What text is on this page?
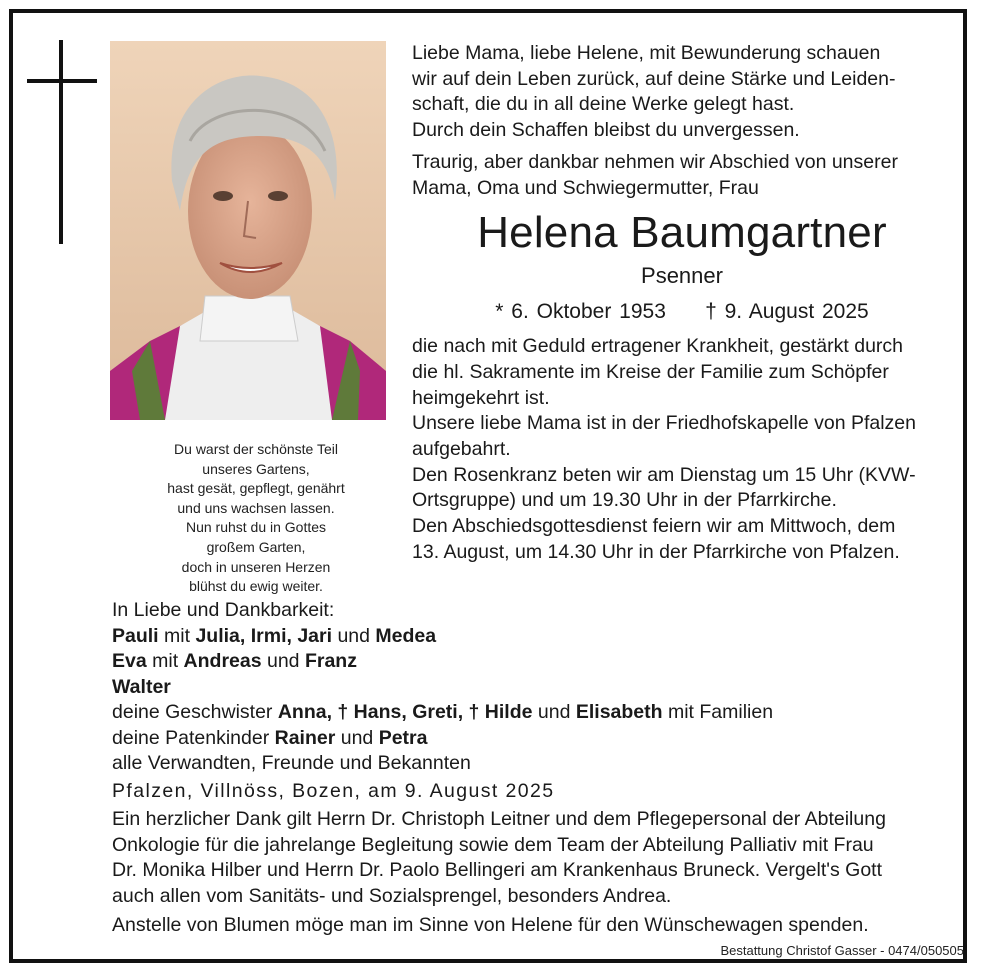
Du warst der schönste Teil
unseres Gartens,
hast gesät, gepflegt, genährt
und uns wachsen lassen.
Nun ruhst du in Gottes
großem Garten,
doch in unseren Herzen
blühst du ewig weiter.
Liebe Mama, liebe Helene, mit Bewunderung schauen
wir auf dein Leben zurück, auf deine Stärke und Leiden-
schaft, die du in all deine Werke gelegt hast.
Durch dein Schaffen bleibst du unvergessen.
Traurig, aber dankbar nehmen wir Abschied von unserer
Mama, Oma und Schwiegermutter, Frau
Helena Baumgartner
Psenner
* 6. Oktober 1953 † 9. August 2025
die nach mit Geduld ertragener Krankheit, gestärkt durch
die hl. Sakramente im Kreise der Familie zum Schöpfer
heimgekehrt ist.
Unsere liebe Mama ist in der Friedhofskapelle von Pfalzen
aufgebahrt.
Den Rosenkranz beten wir am Dienstag um 15 Uhr (KVW-
Ortsgruppe) und um 19.30 Uhr in der Pfarrkirche.
Den Abschiedsgottesdienst feiern wir am Mittwoch, dem
13. August, um 14.30 Uhr in der Pfarrkirche von Pfalzen.
In Liebe und Dankbarkeit:
Pauli mit Julia, Irmi, Jari und Medea
Eva mit Andreas und Franz
Walter
deine Geschwister Anna, † Hans, Greti, † Hilde und Elisabeth mit Familien
deine Patenkinder Rainer und Petra
alle Verwandten, Freunde und Bekannten
Pfalzen, Villnöss, Bozen, am 9. August 2025
Ein herzlicher Dank gilt Herrn Dr. Christoph Leitner und dem Pflegepersonal der Abteilung
Onkologie für die jahrelange Begleitung sowie dem Team der Abteilung Palliativ mit Frau
Dr. Monika Hilber und Herrn Dr. Paolo Bellingeri am Krankenhaus Bruneck. Vergelt's Gott
auch allen vom Sanitäts- und Sozialsprengel, besonders Andrea.
Anstelle von Blumen möge man im Sinne von Helene für den Wünschewagen spenden.
Bestattung Christof Gasser - 0474/050505
